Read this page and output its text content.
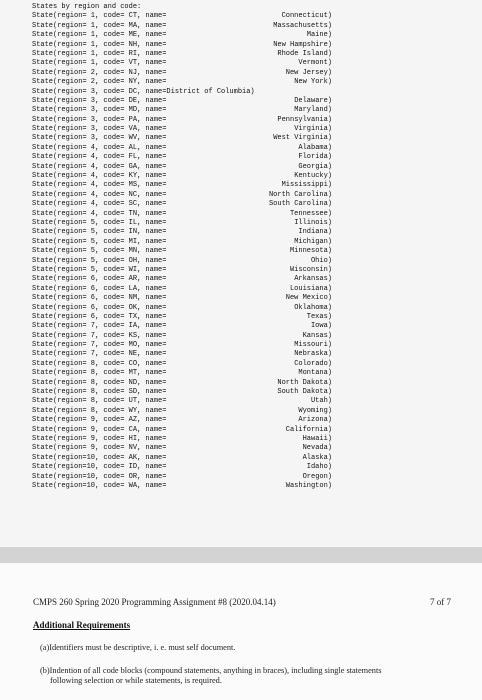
States by region and code:
State(region= 1, code= CT, name=	Connecticut)
State(region= 1, code= MA, name=	Massachusetts)
State(region= 1, code= ME, name=	Maine)
State(region= 1, code= NH, name=	New Hampshire)
State(region= 1, code= RI, name=	Rhode Island)
State(region= 1, code= VT, name=	Vermont)
State(region= 2, code= NJ, name=	New Jersey)
State(region= 2, code= NY, name=	New York)
State(region= 3, code= DC, name=District of Columbia)
State(region= 3, code= DE, name=	Delaware)
State(region= 3, code= MD, name=	Maryland)
State(region= 3, code= PA, name=	Pennsylvania)
State(region= 3, code= VA, name=	Virginia)
State(region= 3, code= WV, name=	West Virginia)
State(region= 4, code= AL, name=	Alabama)
State(region= 4, code= FL, name=	Florida)
State(region= 4, code= GA, name=	Georgia)
State(region= 4, code= KY, name=	Kentucky)
State(region= 4, code= MS, name=	Mississippi)
State(region= 4, code= NC, name=	North Carolina)
State(region= 4, code= SC, name=	South Carolina)
State(region= 4, code= TN, name=	Tennessee)
State(region= 5, code= IL, name=	Illinois)
State(region= 5, code= IN, name=	Indiana)
State(region= 5, code= MI, name=	Michigan)
State(region= 5, code= MN, name=	Minnesota)
State(region= 5, code= OH, name=	Ohio)
State(region= 5, code= WI, name=	Wisconsin)
State(region= 6, code= AR, name=	Arkansas)
State(region= 6, code= LA, name=	Louisiana)
State(region= 6, code= NM, name=	New Mexico)
State(region= 6, code= OK, name=	Oklahoma)
State(region= 6, code= TX, name=	Texas)
State(region= 7, code= IA, name=	Iowa)
State(region= 7, code= KS, name=	Kansas)
State(region= 7, code= MO, name=	Missouri)
State(region= 7, code= NE, name=	Nebraska)
State(region= 8, code= CO, name=	Colorado)
State(region= 8, code= MT, name=	Montana)
State(region= 8, code= ND, name=	North Dakota)
State(region= 8, code= SD, name=	South Dakota)
State(region= 8, code= UT, name=	Utah)
State(region= 8, code= WY, name=	Wyoming)
State(region= 9, code= AZ, name=	Arizona)
State(region= 9, code= CA, name=	California)
State(region= 9, code= HI, name=	Hawaii)
State(region= 9, code= NV, name=	Nevada)
State(region=10, code= AK, name=	Alaska)
State(region=10, code= ID, name=	Idaho)
State(region=10, code= OR, name=	Oregon)
State(region=10, code= WA, name=	Washington)
CMPS 260 Spring 2020 Programming Assignment #8 (2020.04.14)	7 of 7
Additional Requirements
(a)Identifiers must be descriptive, i. e. must self document.
(b)Indention of all code blocks (compound statements, anything in braces), including single statements
following selection or while statements, is required.
